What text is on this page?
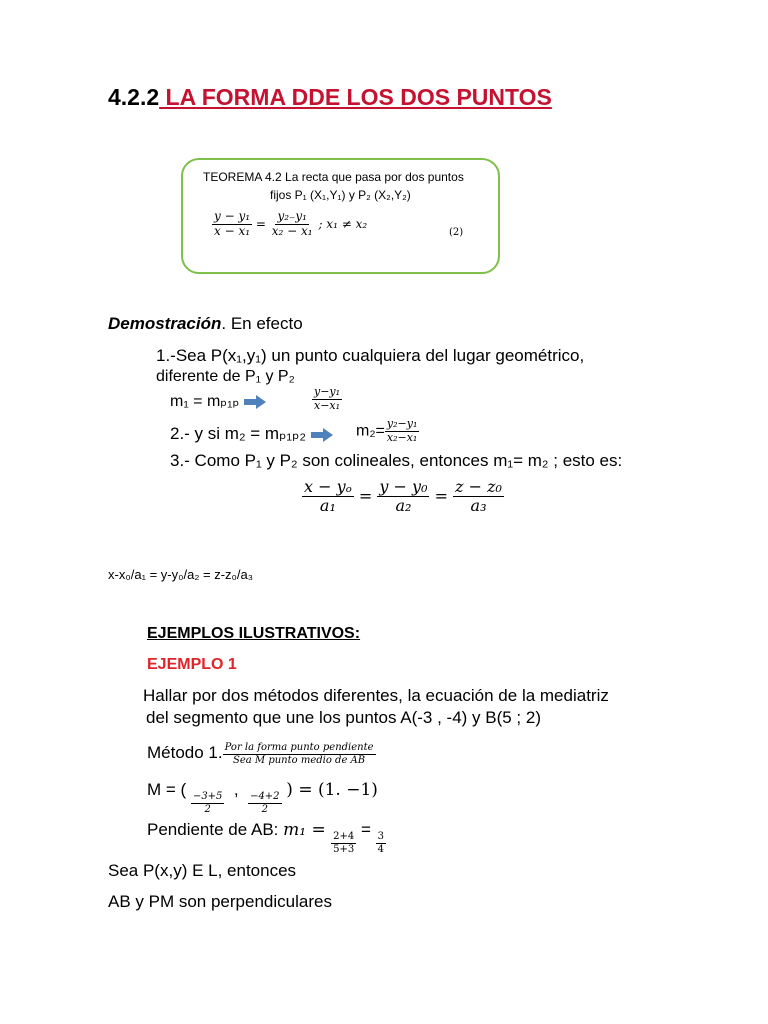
4.2.2 LA FORMA DDE LOS DOS PUNTOS
TEOREMA 4.2 La recta que pasa por dos puntos
fijos P₁ (X₁,Y₁) y P₂ (X₂,Y₂)
$\frac{\text{y − y₁}}{\text{x − x₁}} = \frac{\text{y₂₋y₁}}{\text{x₂ − x₁}}$ ; x₁ ≠ x₂
(2)
Demostración. En efecto
1.-Sea P(x₁,y₁) un punto cualquiera del lugar geométrico,
diferente de P₁ y P₂
m₁ = mₚ₁ₚ	$\frac{\text{y−y₁}}{\text{x−x₁}}$
2.- y si m₂ = mₚ₁ₚ₂	$m_2= \frac{\text{y₂−y₁}}{\text{x₂−x₁}}$
3.- Como P₁ y P₂ son colineales, entonces m₁= m₂ ; esto es:
$\frac{\text{x − yₒ}}{\text{a₁}} = \frac{\text{y − y₀}}{\text{a₂}} = \frac{\text{z − z₀}}{\text{a₃}}$
x-x₀/a₁ = y-y₀/a₂ = z-z₀/a₃
EJEMPLOS ILUSTRATIVOS:
EJEMPLO 1
Hallar por dos métodos diferentes, la ecuación de la mediatriz
del segmento que une los puntos A(-3 , -4) y B(5 ; 2)
Método 1. $\frac{\text{Por la forma punto pendiente}}{\text{Sea M punto medio de AB}}$
M = (
$\frac{-3+5}{2}$
,
$\frac{-4+2}{2}$
) = (1. −1)
Pendiente de AB: m₁ =
$\frac{2+4}{5+3}$
=
$\frac{3}{4}$
Sea P(x,y) E L, entonces
AB y PM son perpendiculares
